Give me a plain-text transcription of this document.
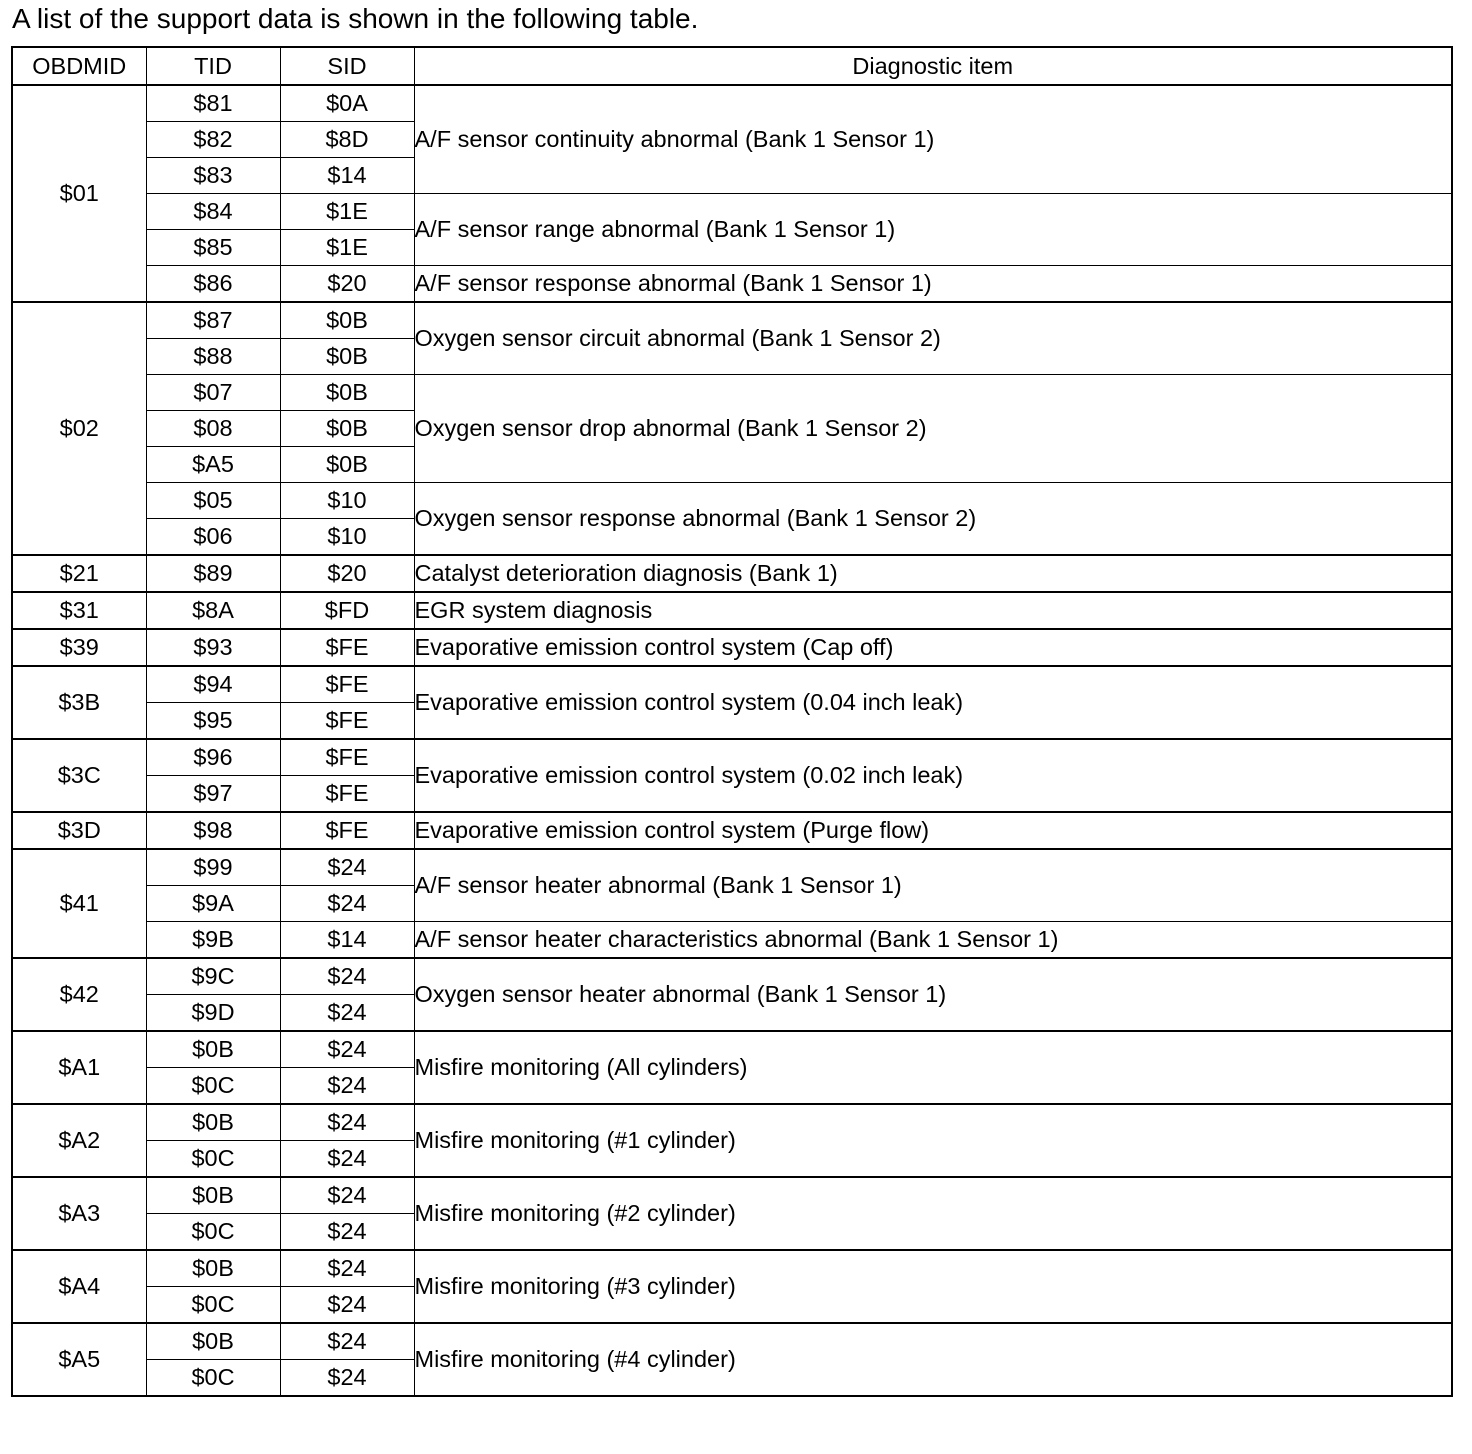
A list of the support data is shown in the following table.
OBDMID	TID	SID	Diagnostic item
$01	$81	$0A	A/F sensor continuity abnormal (Bank 1 Sensor 1)
	$82	$8D	
	$83	$14	
	$84	$1E	A/F sensor range abnormal (Bank 1 Sensor 1)
	$85	$1E	
	$86	$20	A/F sensor response abnormal (Bank 1 Sensor 1)
$02	$87	$0B	Oxygen sensor circuit abnormal (Bank 1 Sensor 2)
	$88	$0B	
	$07	$0B	Oxygen sensor drop abnormal (Bank 1 Sensor 2)
	$08	$0B	
	$A5	$0B	
	$05	$10	Oxygen sensor response abnormal (Bank 1 Sensor 2)
	$06	$10	
$21	$89	$20	Catalyst deterioration diagnosis (Bank 1)
$31	$8A	$FD	EGR system diagnosis
$39	$93	$FE	Evaporative emission control system (Cap off)
$3B	$94	$FE	Evaporative emission control system (0.04 inch leak)
	$95	$FE	
$3C	$96	$FE	Evaporative emission control system (0.02 inch leak)
	$97	$FE	
$3D	$98	$FE	Evaporative emission control system (Purge flow)
$41	$99	$24	A/F sensor heater abnormal (Bank 1 Sensor 1)
	$9A	$24	
	$9B	$14	A/F sensor heater characteristics abnormal (Bank 1 Sensor 1)
$42	$9C	$24	Oxygen sensor heater abnormal (Bank 1 Sensor 1)
	$9D	$24	
$A1	$0B	$24	Misfire monitoring (All cylinders)
	$0C	$24	
$A2	$0B	$24	Misfire monitoring (#1 cylinder)
	$0C	$24	
$A3	$0B	$24	Misfire monitoring (#2 cylinder)
	$0C	$24	
$A4	$0B	$24	Misfire monitoring (#3 cylinder)
	$0C	$24	
$A5	$0B	$24	Misfire monitoring (#4 cylinder)
	$0C	$24	
